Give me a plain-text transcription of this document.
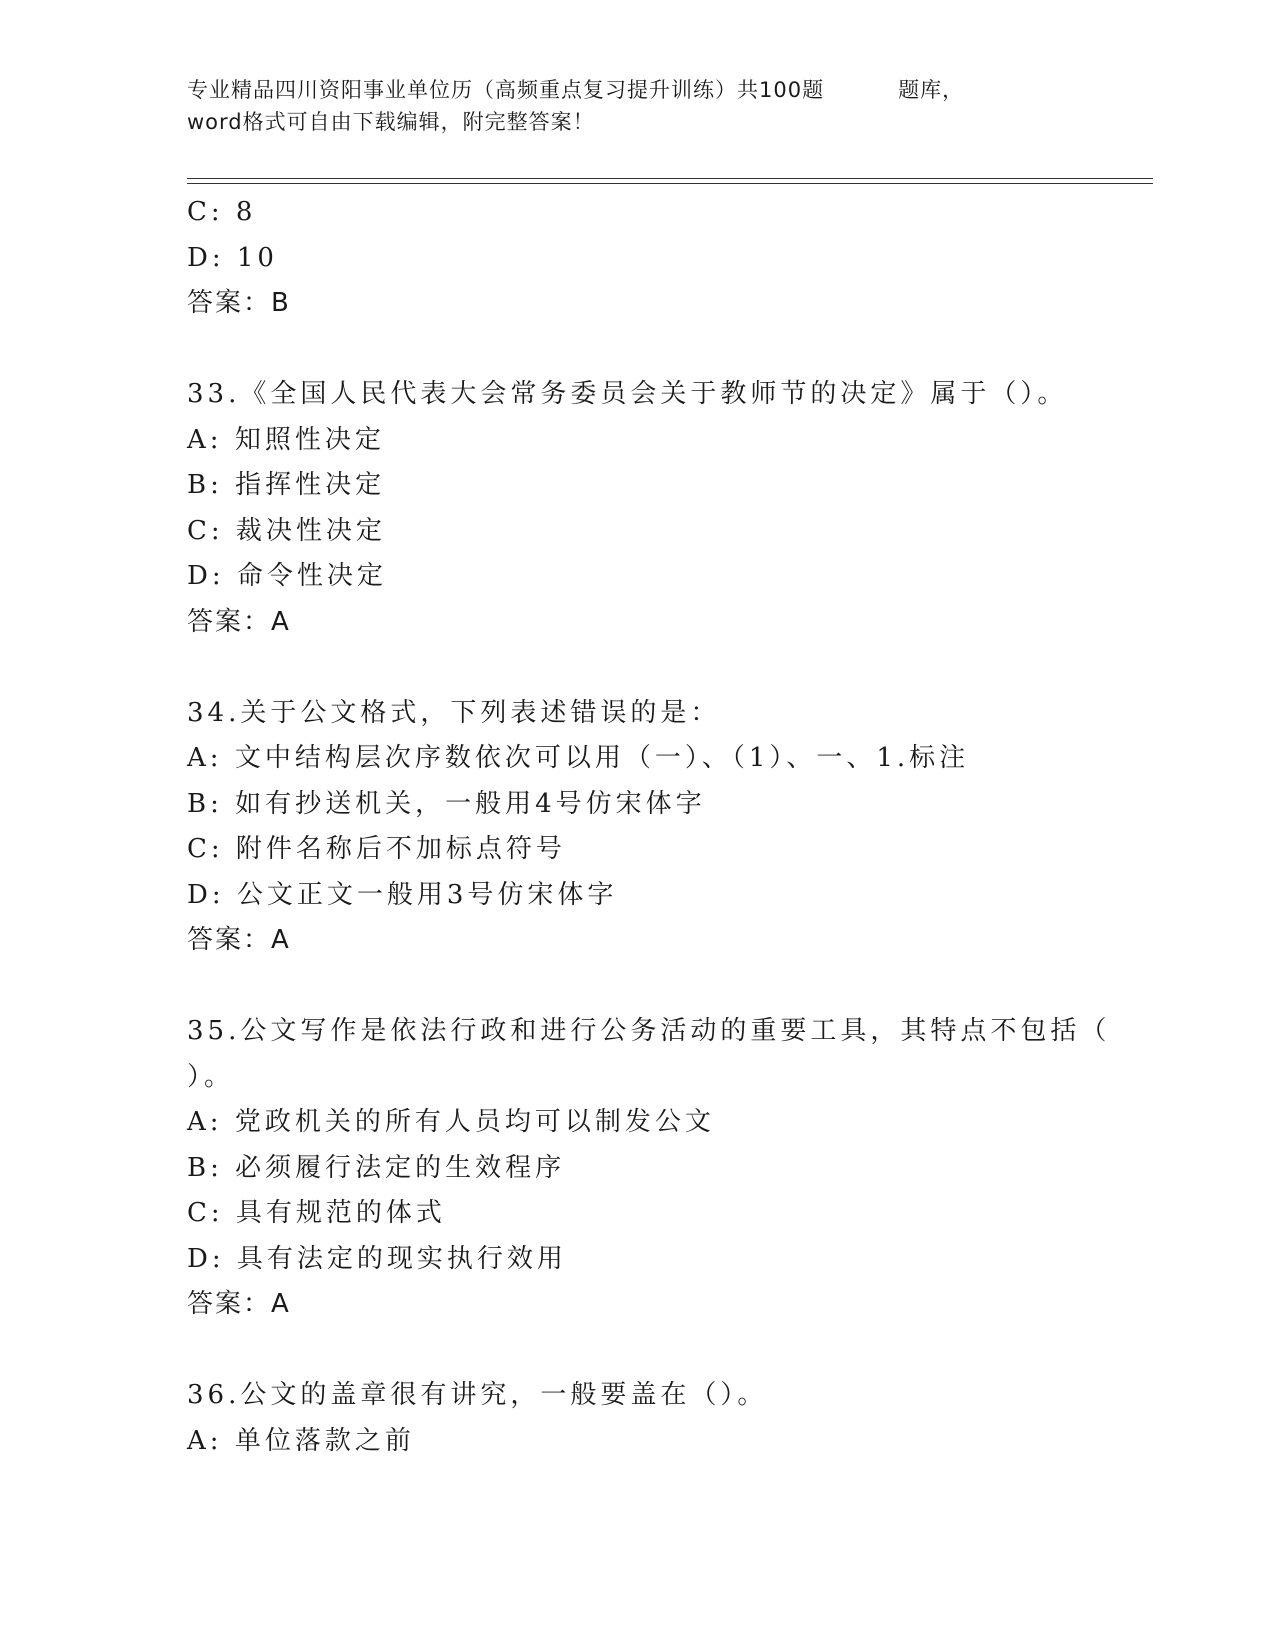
专业精品四川资阳事业单位历（高频重点复习提升训练）共100题	题库，
word格式可自由下载编辑，附完整答案！
C: 8
D: 10
答案：B
33.《全国人民代表大会常务委员会关于教师节的决定》属于（）。
A: 知照性决定
B: 指挥性决定
C: 裁决性决定
D: 命令性决定
答案：A
34.关于公文格式，下列表述错误的是：
A: 文中结构层次序数依次可以用（一）、（1）、一、1.标注
B: 如有抄送机关，一般用4号仿宋体字
C: 附件名称后不加标点符号
D: 公文正文一般用3号仿宋体字
答案：A
35.公文写作是依法行政和进行公务活动的重要工具，其特点不包括（
）。
A: 党政机关的所有人员均可以制发公文
B: 必须履行法定的生效程序
C: 具有规范的体式
D: 具有法定的现实执行效用
答案：A
36.公文的盖章很有讲究，一般要盖在（）。
A: 单位落款之前
